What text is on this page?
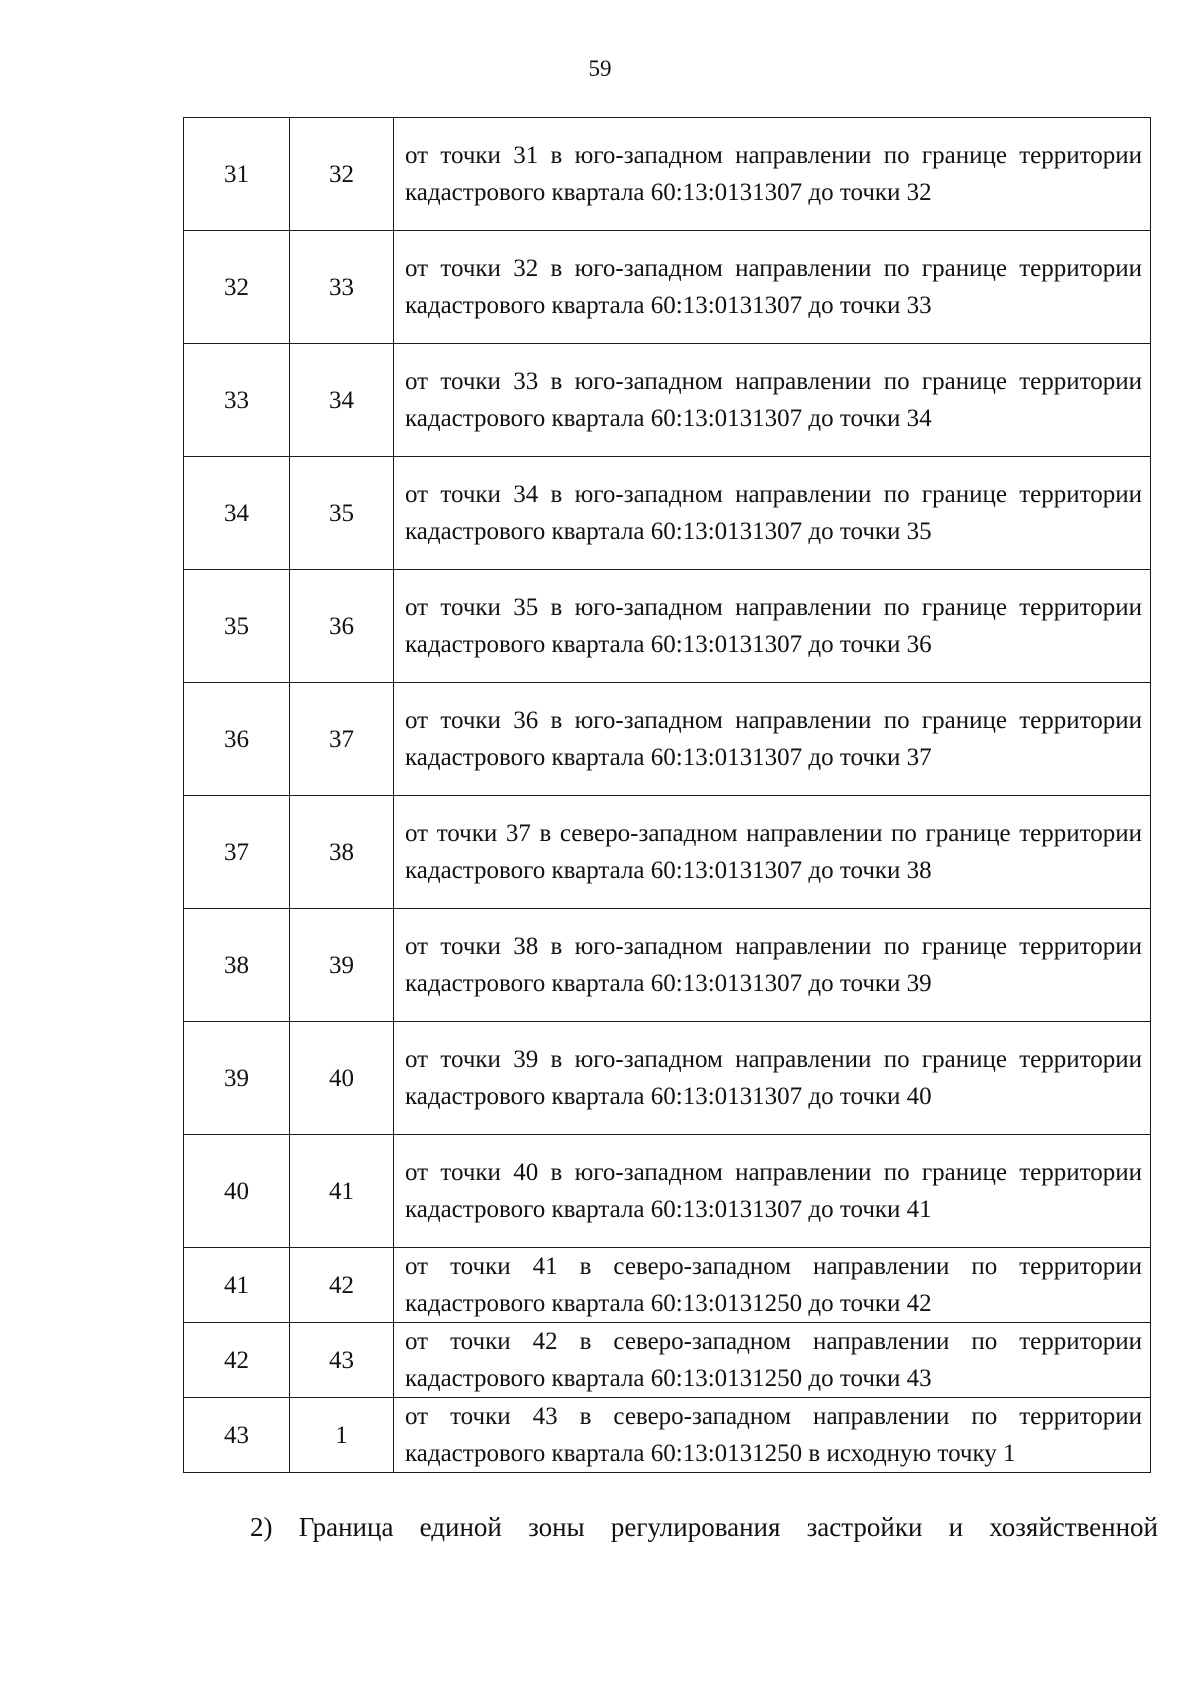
59
31	32	от точки 31 в юго-западном направлении по границе территории кадастрового квартала 60:13:0131307 до точки 32
32	33	от точки 32 в юго-западном направлении по границе территории кадастрового квартала 60:13:0131307 до точки 33
33	34	от точки 33 в юго-западном направлении по границе территории кадастрового квартала 60:13:0131307 до точки 34
34	35	от точки 34 в юго-западном направлении по границе территории кадастрового квартала 60:13:0131307 до точки 35
35	36	от точки 35 в юго-западном направлении по границе территории кадастрового квартала 60:13:0131307 до точки 36
36	37	от точки 36 в юго-западном направлении по границе территории кадастрового квартала 60:13:0131307 до точки 37
37	38	от точки 37 в северо-западном направлении по границе территории кадастрового квартала 60:13:0131307 до точки 38
38	39	от точки 38 в юго-западном направлении по границе территории кадастрового квартала 60:13:0131307 до точки 39
39	40	от точки 39 в юго-западном направлении по границе территории кадастрового квартала 60:13:0131307 до точки 40
40	41	от точки 40 в юго-западном направлении по границе территории кадастрового квартала 60:13:0131307 до точки 41
41	42	от точки 41 в северо-западном направлении по территории кадастрового квартала 60:13:0131250 до точки 42
42	43	от точки 42 в северо-западном направлении по территории кадастрового квартала 60:13:0131250 до точки 43
43	1	от точки 43 в северо-западном направлении по территории кадастрового квартала 60:13:0131250 в исходную точку 1
2) Граница единой зоны регулирования застройки и хозяйственной
